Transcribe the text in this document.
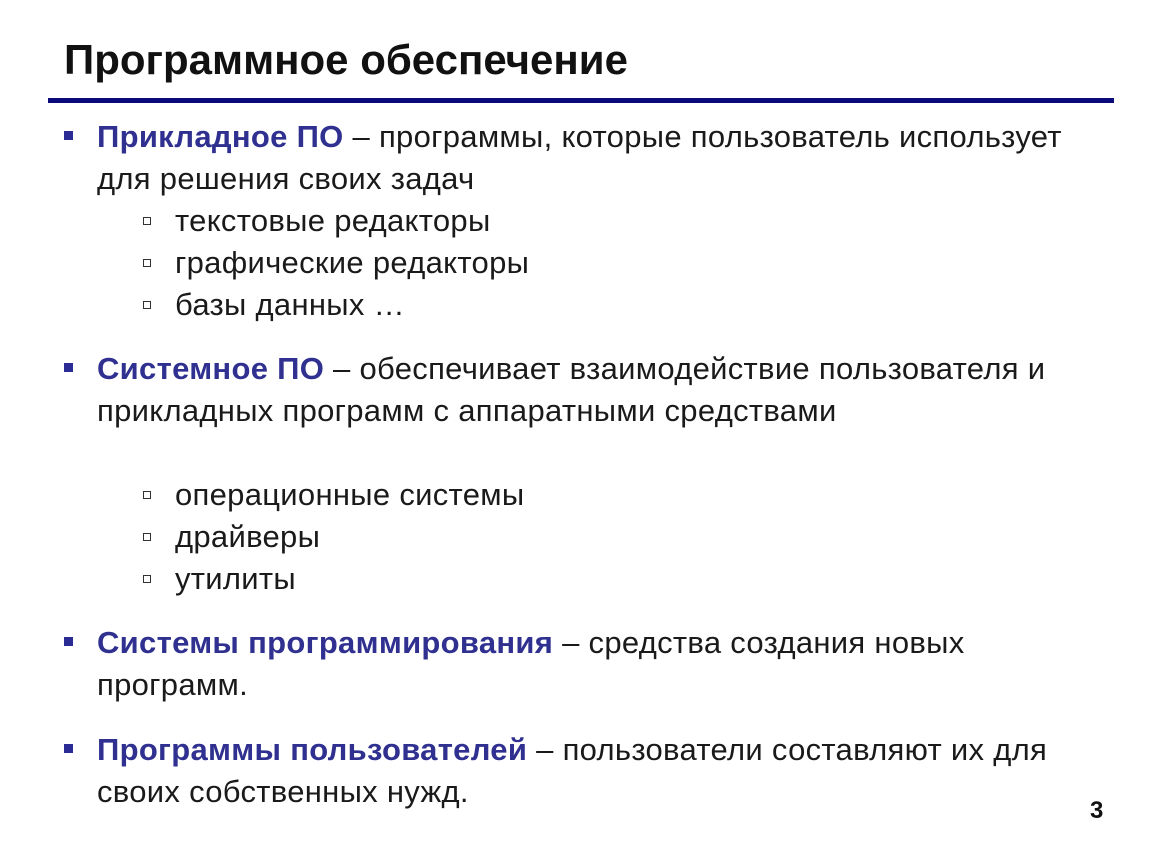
Программное обеспечение
Прикладное ПО – программы, которые пользователь использует для решения своих задач
текстовые редакторы
графические редакторы
базы данных …
Системное ПО – обеспечивает взаимодействие пользователя и прикладных программ с аппаратными средствами
операционные системы
драйверы
утилиты
Системы программирования – средства создания новых программ.
Программы пользователей – пользователи составляют их для своих собственных нужд.
3
